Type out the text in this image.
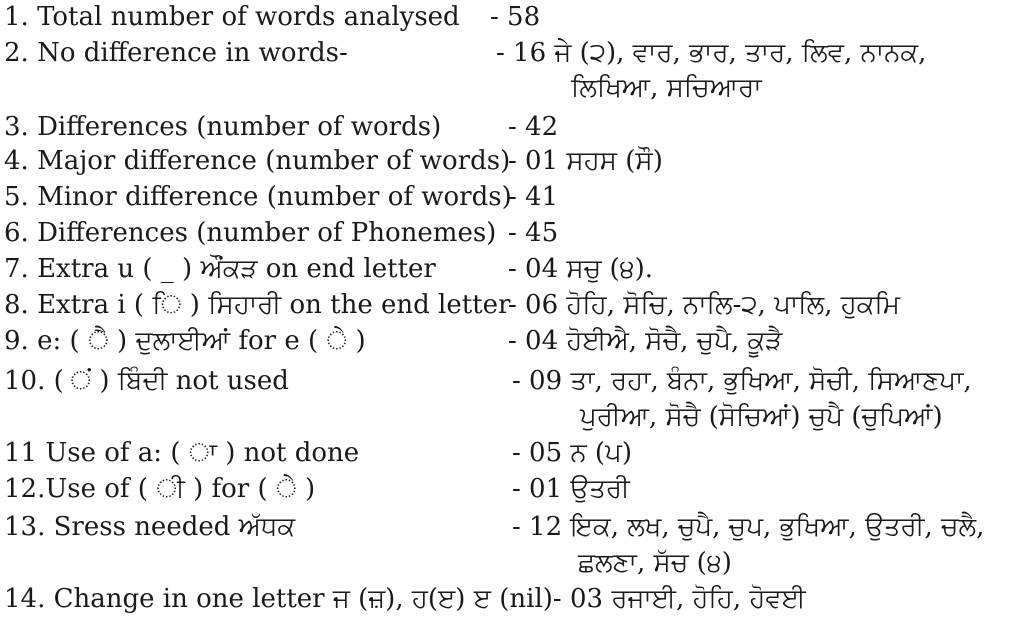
1. Total number of words analysed - 58
2. No difference in words-	- 16 ਜੇ (੨), ਵਾਰ, ਭਾਰ, ਤਾਰ, ਲਿਵ, ਨਾਨਕ,
ਲਿਖਿਆ, ਸਚਿਆਰਾ
3. Differences (number of words)	- 42
4. Major difference (number of words)
- 01 ਸਹਸ (ਸੌ)
5. Minor difference (number of words)
- 41
6. Differences (number of Phonemes) - 45
7. Extra u ( _ ) ਔਂਕੜ on end letter	- 04 ਸਚੁ (੪).
8. Extra i ( ਿ ) ਸਿਹਾਰੀ on the end letter
- 06 ਹੋਹਿ, ਸੋਚਿ, ਨਾਲਿ-੨, ਪਾਲਿ, ਹੁਕਮਿ
9. e: ( ੈ ) ਦੁਲਾਈਆਂ for e ( ੇ )	- 04 ਹੋਈਐ, ਸੋਚੈ, ਚੁਪੈ, ਕੂੜੈ
10. ( ਂ ) ਬਿੰਦੀ not used	- 09 ਤਾ, ਰਹਾ, ਬੰਨਾ, ਭੁਖਿਆ, ਸੋਚੀ, ਸਿਆਣਪਾ,
ਪੁਰੀਆ, ਸੋਚੈ (ਸੋਚਿਆਂ) ਚੁਪੈ (ਚੁਪਿਆਂ)
11 Use of a: ( ਾ ) not done	- 05 ਨ (ਪ)
12.Use of ( ੀ ) for ( ੇ )	- 01 ਉਤਰੀ
13. Sress needed ਅੱਧਕ	- 12 ਇਕ, ਲਖ, ਚੁਪੈ, ਚੁਪ, ਭੁਖਿਆ, ਉਤਰੀ, ਚਲੈ,
ਛਲਣਾ, ਸੱਚ (੪)
14. Change in one letter ਜ (ਜ਼), ਹ(ੲ) ੲ (nil)- 03 ਰਜਾਈ, ਹੋਹਿ, ਹੋਵਈ
